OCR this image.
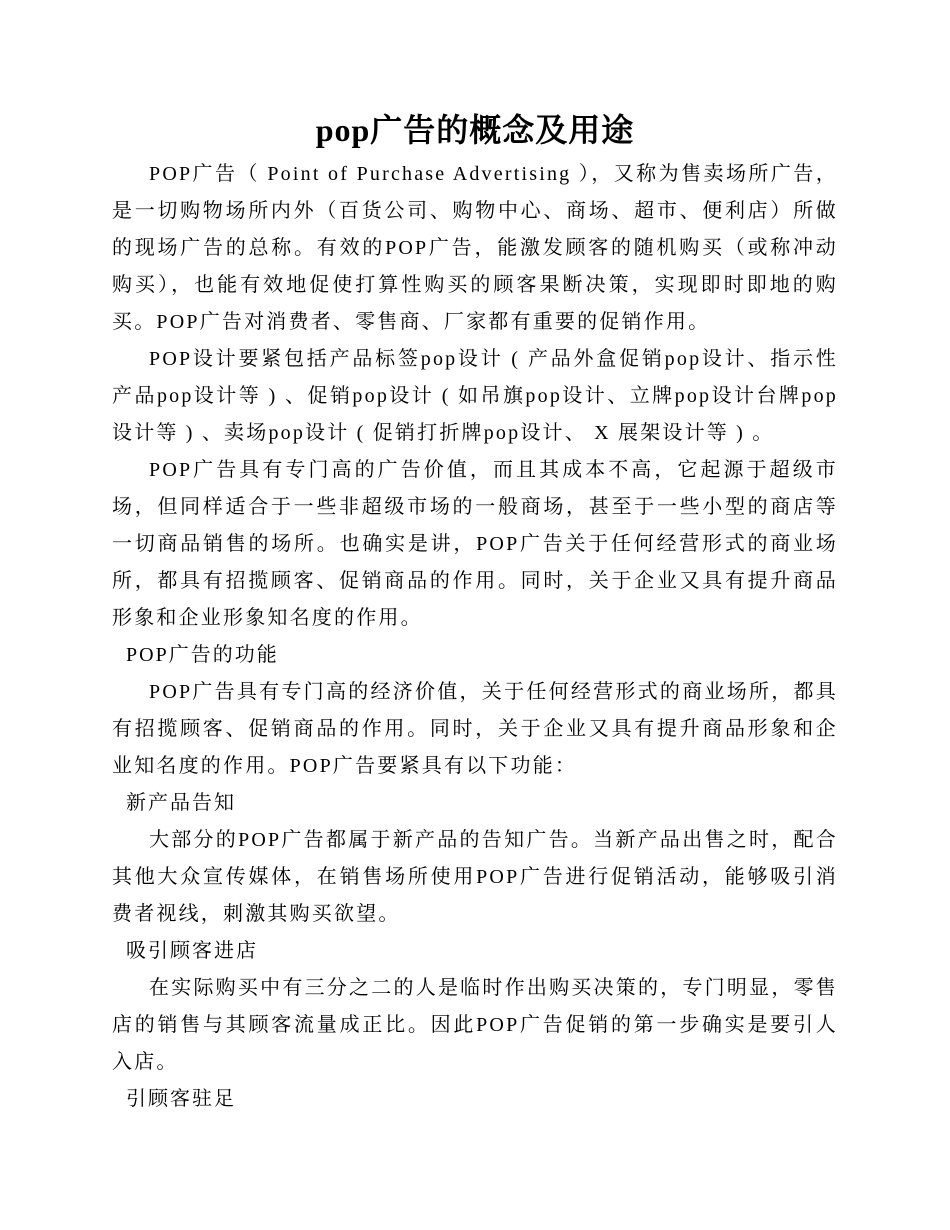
pop广告的概念及用途

POP广告（ Point of Purchase Advertising ），又称为售卖场所广告，是一切购物场所内外（百货公司、购物中心、商场、超市、便利店）所做的现场广告的总称。有效的POP广告，能激发顾客的随机购买（或称冲动购买），也能有效地促使打算性购买的顾客果断决策，实现即时即地的购买。POP广告对消费者、零售商、厂家都有重要的促销作用。

POP设计要紧包括产品标签pop设计 ( 产品外盒促销pop设计、指示性产品pop设计等 ) 、促销pop设计 ( 如吊旗pop设计、立牌pop设计台牌pop设计等 ) 、卖场pop设计 ( 促销打折牌pop设计、 X 展架设计等 ) 。

POP广告具有专门高的广告价值，而且其成本不高，它起源于超级市场，但同样适合于一些非超级市场的一般商场，甚至于一些小型的商店等一切商品销售的场所。也确实是讲，POP广告关于任何经营形式的商业场所，都具有招揽顾客、促销商品的作用。同时，关于企业又具有提升商品形象和企业形象知名度的作用。

POP广告的功能

POP广告具有专门高的经济价值，关于任何经营形式的商业场所，都具有招揽顾客、促销商品的作用。同时，关于企业又具有提升商品形象和企业知名度的作用。POP广告要紧具有以下功能：

新产品告知

大部分的POP广告都属于新产品的告知广告。当新产品出售之时，配合其他大众宣传媒体，在销售场所使用POP广告进行促销活动，能够吸引消费者视线，刺激其购买欲望。

吸引顾客进店

在实际购买中有三分之二的人是临时作出购买决策的，专门明显，零售店的销售与其顾客流量成正比。因此POP广告促销的第一步确实是要引人入店。

引顾客驻足
